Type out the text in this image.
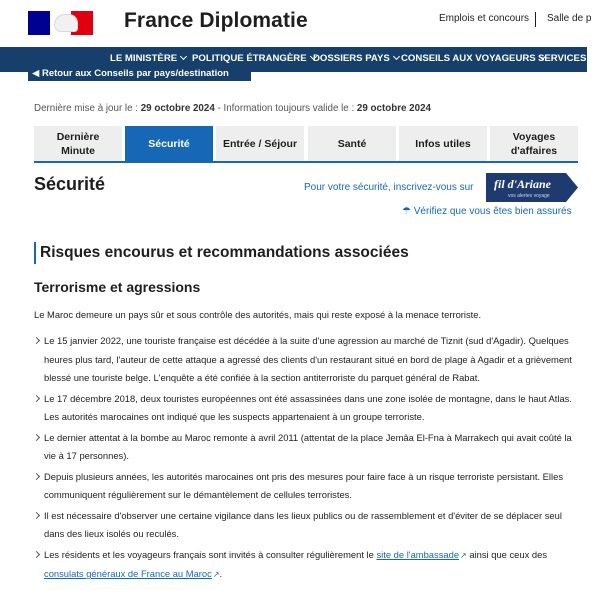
France Diplomatie	Emplois et concours Salle de p
LE MINISTÈRE	POLITIQUE ÉTRANGÈRE DOSSIERS PAYS	CONSEILS AUX VOYAGEURS SERVICES AU
◀ Retour aux Conseils par pays/destination
Dernière mise à jour le : 29 octobre 2024 - Information toujours valide le : 29 octobre 2024
Dernière Minute
Sécurité	Entrée / Séjour	Santé	Infos utiles
Voyages d'affaires
Sécurité	Pour votre sécurité, inscrivez-vous sur fil d'Ariane
vos alertes voyage
☂ Vérifiez que vous êtes bien assurés
Risques encourus et recommandations associées
Terrorisme et agressions
Le Maroc demeure un pays sûr et sous contrôle des autorités, mais qui reste exposé à la menace terroriste.
Le 15 janvier 2022, une touriste française est décédée à la suite d'une agression au marché de Tiznit (sud d'Agadir). Quelques heures plus tard, l'auteur de cette attaque a agressé des clients d'un restaurant situé en bord de plage à Agadir et a grièvement blessé une touriste belge. L'enquête a été confiée à la section antiterroriste du parquet général de Rabat.
Le 17 décembre 2018, deux touristes européennes ont été assassinées dans une zone isolée de montagne, dans le haut Atlas. Les autorités marocaines ont indiqué que les suspects appartenaient à un groupe terroriste.
Le dernier attentat à la bombe au Maroc remonte à avril 2011 (attentat de la place Jemâa El-Fna à Marrakech qui avait coûté la vie à 17 personnes).
Depuis plusieurs années, les autorités marocaines ont pris des mesures pour faire face à un risque terroriste persistant. Elles communiquent régulièrement sur le démantèlement de cellules terroristes.
Il est nécessaire d'observer une certaine vigilance dans les lieux publics ou de rassemblement et d'éviter de se déplacer seul dans des lieux isolés ou reculés.
Les résidents et les voyageurs français sont invités à consulter régulièrement le site de l'ambassade↗ ainsi que ceux des consulats généraux de France au Maroc↗.
